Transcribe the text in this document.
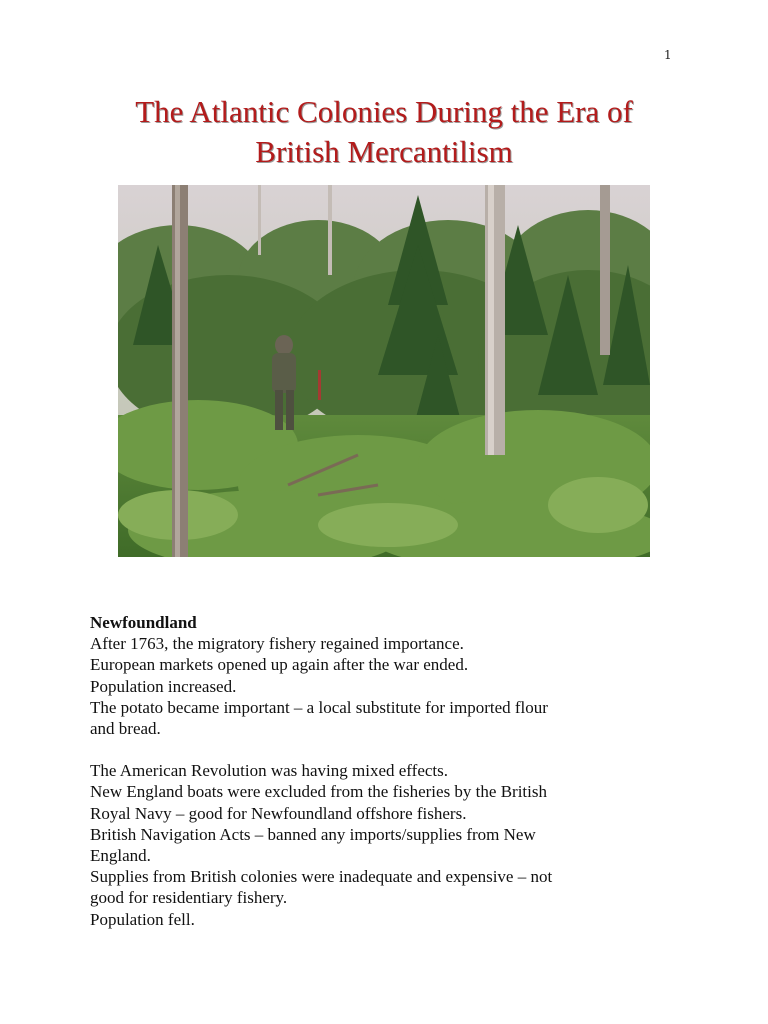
1
The Atlantic Colonies During the Era of
British Mercantilism

Newfoundland

After 1763, the migratory fishery regained importance.

European markets opened up again after the war ended.

Population increased.

The potato became important – a local substitute for imported flour

and bread.

The American Revolution was having mixed effects.

New England boats were excluded from the fisheries by the British

Royal Navy – good for Newfoundland offshore fishers.

British Navigation Acts – banned any imports/supplies from New

England.

Supplies from British colonies were inadequate and expensive – not

good for residentiary fishery.

Population fell.
